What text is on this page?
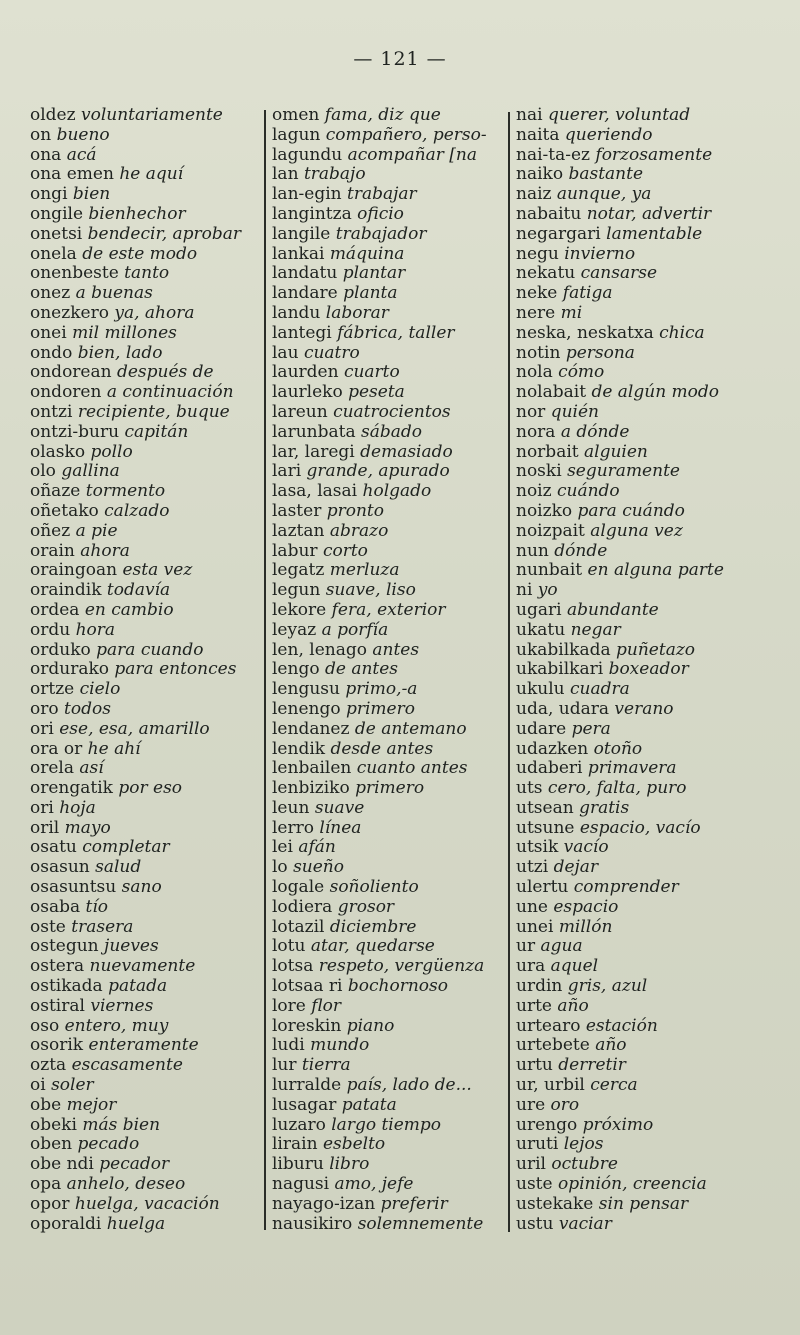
— 121 —
oldez voluntariamente
on bueno
ona acá
ona emen he aquí
ongi bien
ongile bienhechor
onetsi bendecir, aprobar
onela de este modo
onenbeste tanto
onez a buenas
onezkero ya, ahora
onei mil millones
ondo bien, lado
ondorean después de
ondoren a continuación
ontzi recipiente, buque
ontzi-buru capitán
olasko pollo
olo gallina
oñaze tormento
oñetako calzado
oñez a pie
orain ahora
oraingoan esta vez
oraindik todavía
ordea en cambio
ordu hora
orduko para cuando
ordurako para entonces
ortze cielo
oro todos
ori ese, esa, amarillo
ora or he ahí
orela así
orengatik por eso
ori hoja
oril mayo
osatu completar
osasun salud
osasuntsu sano
osaba tío
oste trasera
ostegun jueves
ostera nuevamente
ostikada patada
ostiral viernes
oso entero, muy
osorik enteramente
ozta escasamente
oi soler
obe mejor
obeki más bien
oben pecado
obe ndi pecador
opa anhelo, deseo
opor huelga, vacación
oporaldi huelga
omen fama, diz que
lagun compañero, perso-
lagundu acompañar [na
lan trabajo
lan-egin trabajar
langintza oficio
langile trabajador
lankai máquina
landatu plantar
landare planta
landu laborar
lantegi fábrica, taller
lau cuatro
laurden cuarto
laurleko peseta
lareun cuatrocientos
larunbata sábado
lar, laregi demasiado
lari grande, apurado
lasa, lasai holgado
laster pronto
laztan abrazo
labur corto
legatz merluza
legun suave, liso
lekore fera, exterior
leyaz a porfía
len, lenago antes
lengo de antes
lengusu primo,-a
lenengo primero
lendanez de antemano
lendik desde antes
lenbailen cuanto antes
lenbiziko primero
leun suave
lerro línea
lei afán
lo sueño
logale soñoliento
lodiera grosor
lotazil diciembre
lotu atar, quedarse
lotsa respeto, vergüenza
lotsaa ri bochornoso
lore flor
loreskin piano
ludi mundo
lur tierra
lurralde país, lado de...
lusagar patata
luzaro largo tiempo
lirain esbelto
liburu libro
nagusi amo, jefe
nayago-izan preferir
nausikiro solemnemente
nai querer, voluntad
naita queriendo
nai-ta-ez forzosamente
naiko bastante
naiz aunque, ya
nabaitu notar, advertir
negargari lamentable
negu invierno
nekatu cansarse
neke fatiga
nere mi
neska, neskatxa chica
notin persona
nola cómo
nolabait de algún modo
nor quién
nora a dónde
norbait alguien
noski seguramente
noiz cuándo
noizko para cuándo
noizpait alguna vez
nun dónde
nunbait en alguna parte
ni yo
ugari abundante
ukatu negar
ukabilkada puñetazo
ukabilkari boxeador
ukulu cuadra
uda, udara verano
udare pera
udazken otoño
udaberi primavera
uts cero, falta, puro
utsean gratis
utsune espacio, vacío
utsik vacío
utzi dejar
ulertu comprender
une espacio
unei millón
ur agua
ura aquel
urdin gris, azul
urte año
urtearo estación
urtebete año
urtu derretir
ur, urbil cerca
ure oro
urengo próximo
uruti lejos
uril octubre
uste opinión, creencia
ustekake sin pensar
ustu vaciar
